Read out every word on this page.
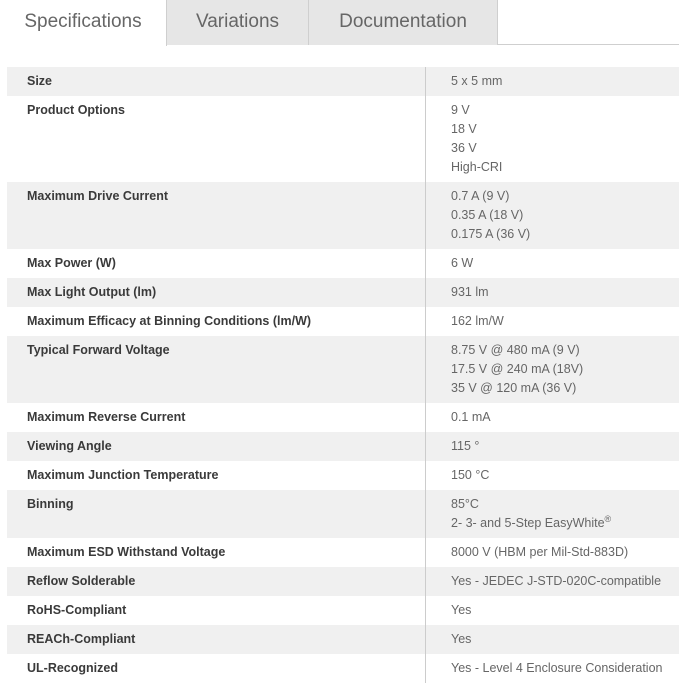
Specifications	Variations	Documentation
Size	5 x 5 mm
Product Options	9 V
18 V
36 V
High-CRI
Maximum Drive Current	0.7 A (9 V)
0.35 A (18 V)
0.175 A (36 V)
Max Power (W)	6 W
Max Light Output (lm)	931 lm
Maximum Efficacy at Binning Conditions (lm/W)	162 lm/W
Typical Forward Voltage	8.75 V @ 480 mA (9 V)
17.5 V @ 240 mA (18V)
35 V @ 120 mA (36 V)
Maximum Reverse Current	0.1 mA
Viewing Angle	115 °
Maximum Junction Temperature	150 °C
Binning	85°C
2- 3- and 5-Step EasyWhite®
Maximum ESD Withstand Voltage	8000 V (HBM per Mil-Std-883D)
Reflow Solderable	Yes - JEDEC J-STD-020C-compatible
RoHS-Compliant	Yes
REACh-Compliant	Yes
UL-Recognized	Yes - Level 4 Enclosure Consideration
